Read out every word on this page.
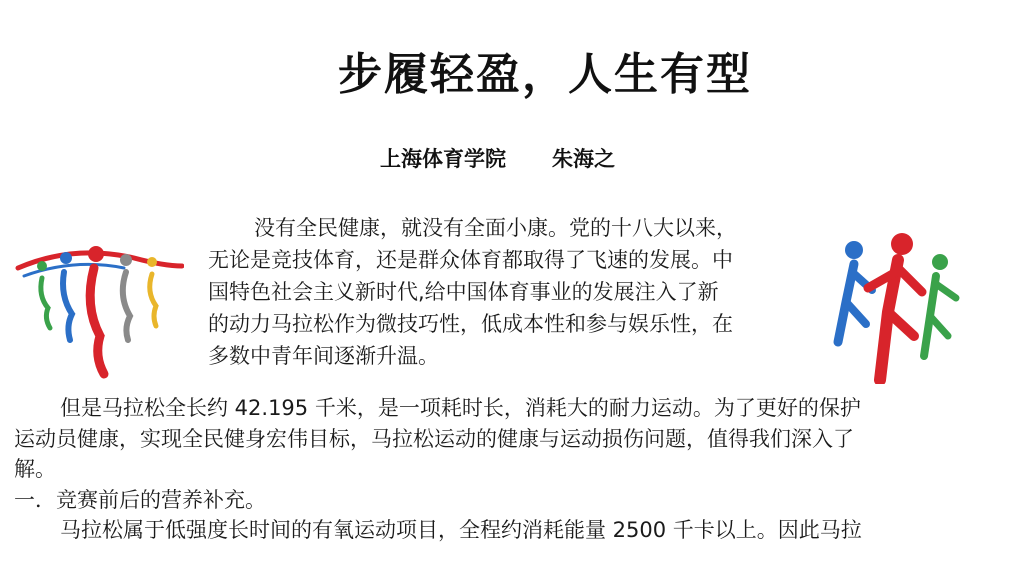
步履轻盈，人生有型
上海体育学院 朱海之
没有全民健康，就没有全面小康。党的十八大以来，
无论是竞技体育，还是群众体育都取得了飞速的发展。中
国特色社会主义新时代,给中国体育事业的发展注入了新
的动力马拉松作为微技巧性，低成本性和参与娱乐性，在
多数中青年间逐渐升温。
但是马拉松全长约 42.195 千米，是一项耗时长，消耗大的耐力运动。为了更好的保护
运动员健康，实现全民健身宏伟目标，马拉松运动的健康与运动损伤问题，值得我们深入了
解。
一．竞赛前后的营养补充。
马拉松属于低强度长时间的有氧运动项目，全程约消耗能量 2500 千卡以上。因此马拉
